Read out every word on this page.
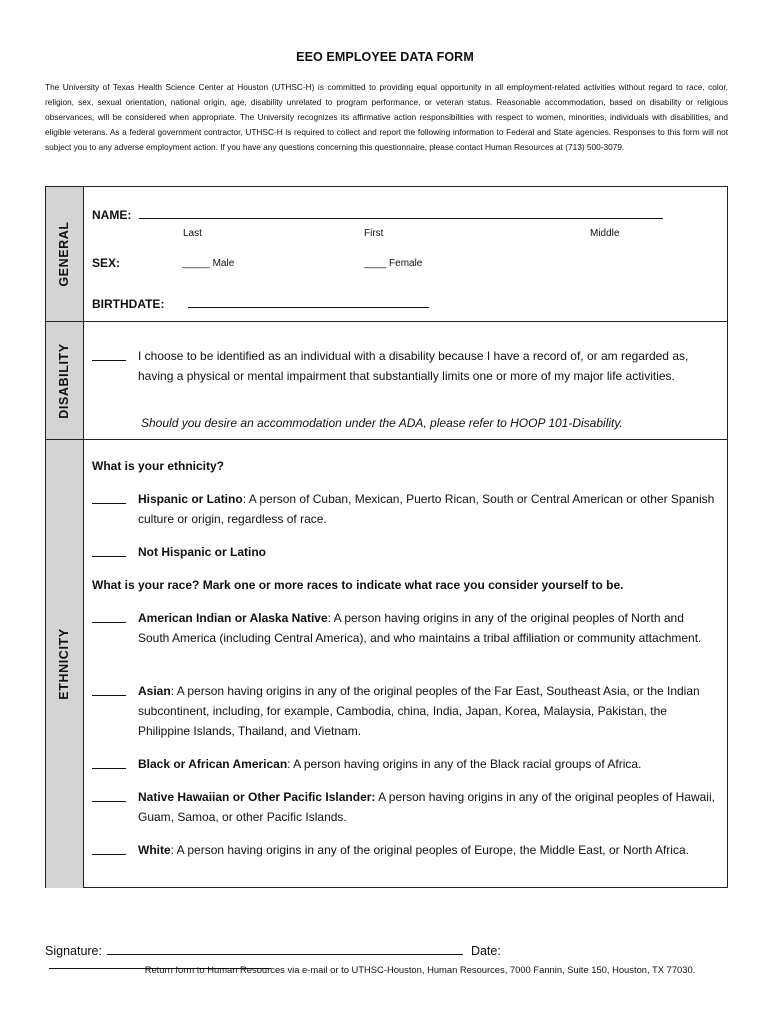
EEO EMPLOYEE DATA FORM
The University of Texas Health Science Center at Houston (UTHSC-H) is committed to providing equal opportunity in all employment-related activities without regard to race, color, religion, sex, sexual orientation, national origin, age, disability unrelated to program performance, or veteran status. Reasonable accommodation, based on disability or religious observances, will be considered when appropriate. The University recognizes its affirmative action responsibilities with respect to women, minorities, individuals with disabilities, and eligible veterans. As a federal government contractor, UTHSC-H is required to collect and report the following information to Federal and State agencies. Responses to this form will not subject you to any adverse employment action. If you have any questions concerning this questionnaire, please contact Human Resources at (713) 500-3079.
GENERAL
NAME:
Last	First	Middle
SEX:	_____ Male	____ Female
BIRTHDATE:
DISABILITY	I choose to be identified as an individual with a disability because I have a record of, or am regarded as, having a physical or mental impairment that substantially limits one or more of my major life activities.
Should you desire an accommodation under the ADA, please refer to HOOP 101-Disability.
ETHNICITY
What is your ethnicity?
Hispanic or Latino: A person of Cuban, Mexican, Puerto Rican, South or Central American or other Spanish culture or origin, regardless of race.
Not Hispanic or Latino
What is your race? Mark one or more races to indicate what race you consider yourself to be.
American Indian or Alaska Native: A person having origins in any of the original peoples of North and South America (including Central America), and who maintains a tribal affiliation or community attachment.
Asian: A person having origins in any of the original peoples of the Far East, Southeast Asia, or the Indian subcontinent, including, for example, Cambodia, china, India, Japan, Korea, Malaysia, Pakistan, the Philippine Islands, Thailand, and Vietnam.
Black or African American: A person having origins in any of the Black racial groups of Africa.
Native Hawaiian or Other Pacific Islander: A person having origins in any of the original peoples of Hawaii, Guam, Samoa, or other Pacific Islands.
White: A person having origins in any of the original peoples of Europe, the Middle East, or North Africa.
Signature:	Date:
Return form to Human Resources via e-mail or to UTHSC-Houston, Human Resources, 7000 Fannin, Suite 150, Houston, TX 77030.
